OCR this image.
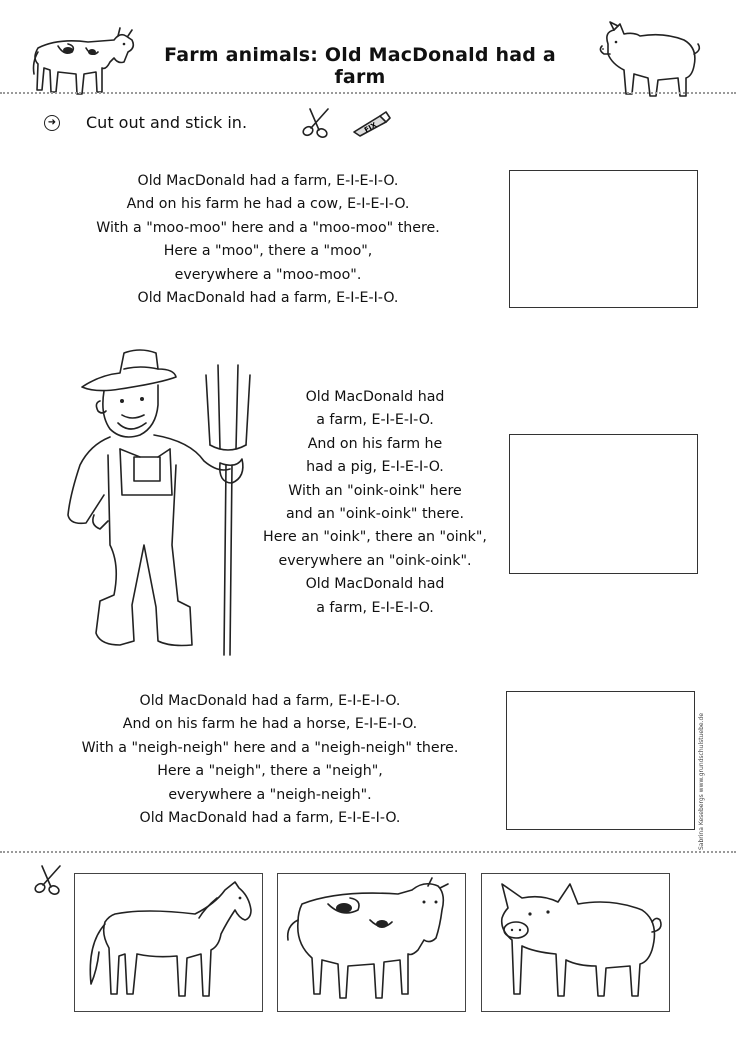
Farm animals: Old MacDonald had a farm
➜ Cut out and stick in.	FIX
Old MacDonald had a farm, E-I-E-I-O.
And on his farm he had a cow, E-I-E-I-O.
With a "moo-moo" here and a "moo-moo" there.
Here a "moo", there a "moo",
everywhere a "moo-moo".
Old MacDonald had a farm, E-I-E-I-O.
Old MacDonald had
a farm, E-I-E-I-O.
And on his farm he
had a pig, E-I-E-I-O.
With an "oink-oink" here
and an "oink-oink" there.
Here an "oink", there an "oink",
everywhere an "oink-oink".
Old MacDonald had
a farm, E-I-E-I-O.
Old MacDonald had a farm, E-I-E-I-O.
And on his farm he had a horse, E-I-E-I-O.
With a "neigh-neigh" here and a "neigh-neigh" there.
Here a "neigh", there a "neigh",
everywhere a "neigh-neigh".
Old MacDonald had a farm, E-I-E-I-O.	Sabrina Kesebergs www.grundschulstuebe.de
